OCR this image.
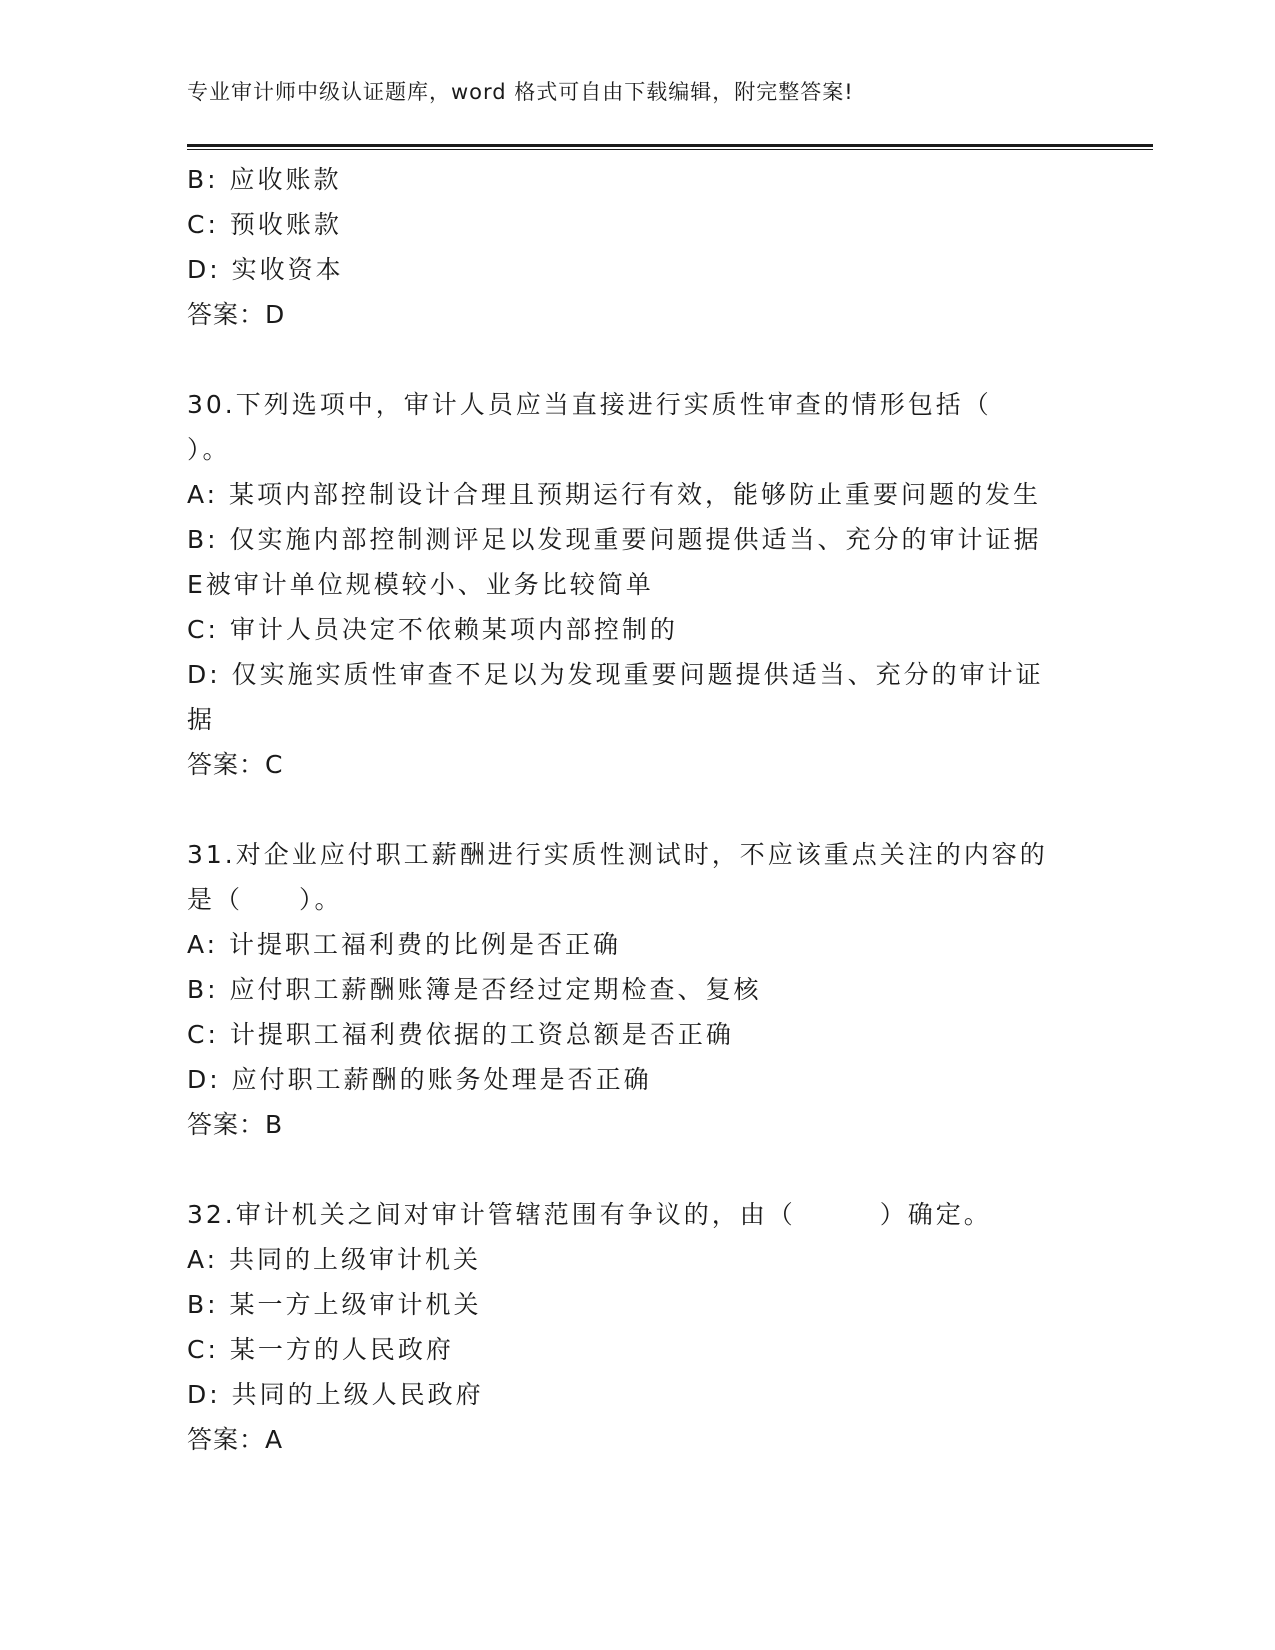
专业审计师中级认证题库，word 格式可自由下载编辑，附完整答案!
B: 应收账款
C: 预收账款
D: 实收资本
答案：D
30.下列选项中，审计人员应当直接进行实质性审查的情形包括（
）。
A: 某项内部控制设计合理且预期运行有效，能够防止重要问题的发生
B: 仅实施内部控制测评足以发现重要问题提供适当、充分的审计证据
E被审计单位规模较小、业务比较简单
C: 审计人员决定不依赖某项内部控制的
D: 仅实施实质性审查不足以为发现重要问题提供适当、充分的审计证
据
答案：C
31.对企业应付职工薪酬进行实质性测试时，不应该重点关注的内容的
是（　　）。
A: 计提职工福利费的比例是否正确
B: 应付职工薪酬账簿是否经过定期检查、复核
C: 计提职工福利费依据的工资总额是否正确
D: 应付职工薪酬的账务处理是否正确
答案：B
32.审计机关之间对审计管辖范围有争议的，由（　　　）确定。
A: 共同的上级审计机关
B: 某一方上级审计机关
C: 某一方的人民政府
D: 共同的上级人民政府
答案：A
